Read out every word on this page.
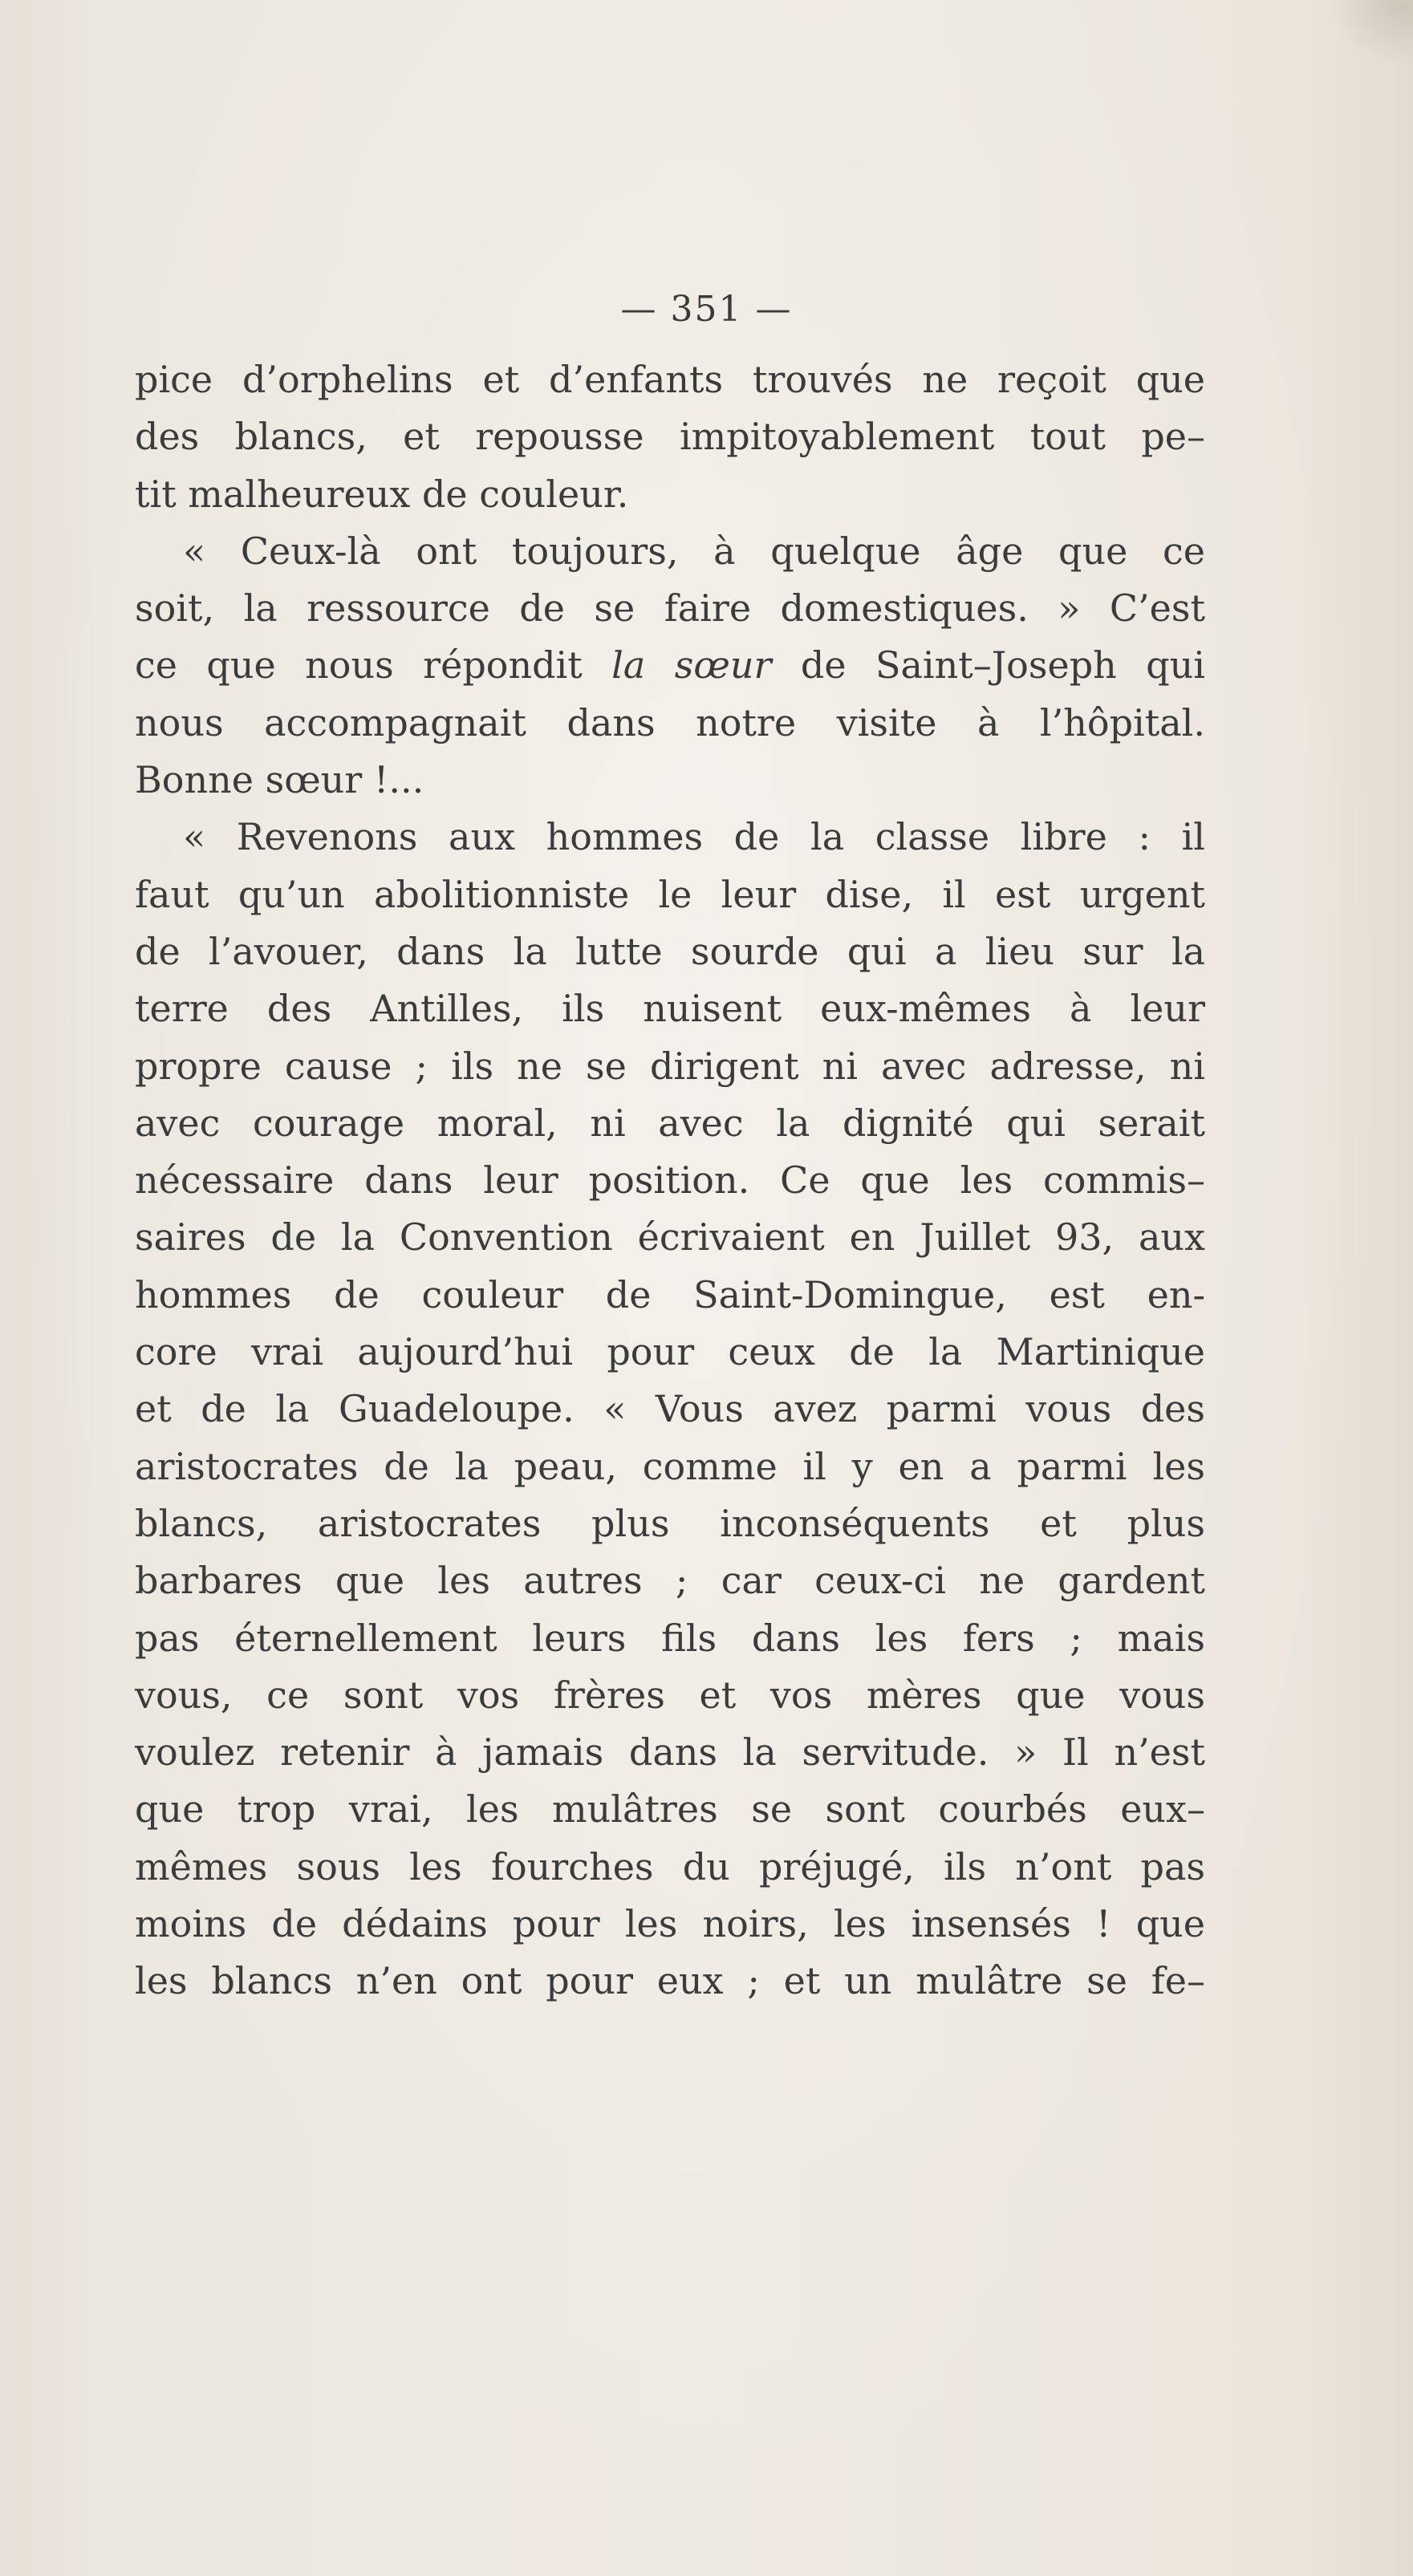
— 351 —
pice d’orphelins et d’enfants trouvés ne reçoit que
des blancs, et repousse impitoyablement tout pe–
tit malheureux de couleur.
« Ceux-là ont toujours, à quelque âge que ce
soit, la ressource de se faire domestiques. » C’est
ce que nous répondit la sœur de Saint–Joseph qui
nous accompagnait dans notre visite à l’hôpital.
Bonne sœur !...
« Revenons aux hommes de la classe libre : il
faut qu’un abolitionniste le leur dise, il est urgent
de l’avouer, dans la lutte sourde qui a lieu sur la
terre des Antilles, ils nuisent eux-mêmes à leur
propre cause ; ils ne se dirigent ni avec adresse, ni
avec courage moral, ni avec la dignité qui serait
nécessaire dans leur position. Ce que les commis–
saires de la Convention écrivaient en Juillet 93, aux
hommes de couleur de Saint-Domingue, est en-
core vrai aujourd’hui pour ceux de la Martinique
et de la Guadeloupe. « Vous avez parmi vous des
aristocrates de la peau, comme il y en a parmi les
blancs, aristocrates plus inconséquents et plus
barbares que les autres ; car ceux-ci ne gardent
pas éternellement leurs fils dans les fers ; mais
vous, ce sont vos frères et vos mères que vous
voulez retenir à jamais dans la servitude. » Il n’est
que trop vrai, les mulâtres se sont courbés eux–
mêmes sous les fourches du préjugé, ils n’ont pas
moins de dédains pour les noirs, les insensés ! que
les blancs n’en ont pour eux ; et un mulâtre se fe–
